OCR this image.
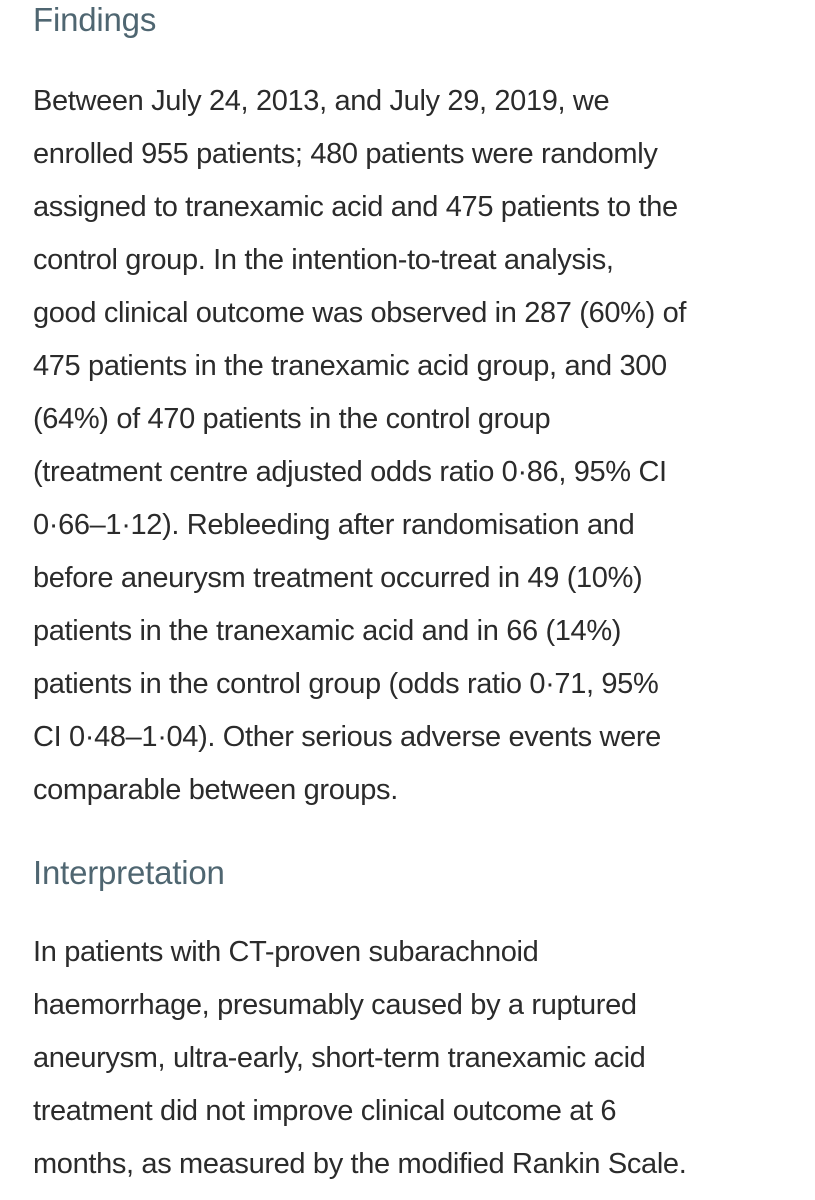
Findings
Between July 24, 2013, and July 29, 2019, we
enrolled 955 patients; 480 patients were randomly
assigned to tranexamic acid and 475 patients to the
control group. In the intention-to-treat analysis,
good clinical outcome was observed in 287 (60%) of
475 patients in the tranexamic acid group, and 300
(64%) of 470 patients in the control group
(treatment centre adjusted odds ratio 0·86, 95% CI
0·66–1·12). Rebleeding after randomisation and
before aneurysm treatment occurred in 49 (10%)
patients in the tranexamic acid and in 66 (14%)
patients in the control group (odds ratio 0·71, 95%
CI 0·48–1·04). Other serious adverse events were
comparable between groups.
Interpretation
In patients with CT-proven subarachnoid
haemorrhage, presumably caused by a ruptured
aneurysm, ultra-early, short-term tranexamic acid
treatment did not improve clinical outcome at 6
months, as measured by the modified Rankin Scale.
